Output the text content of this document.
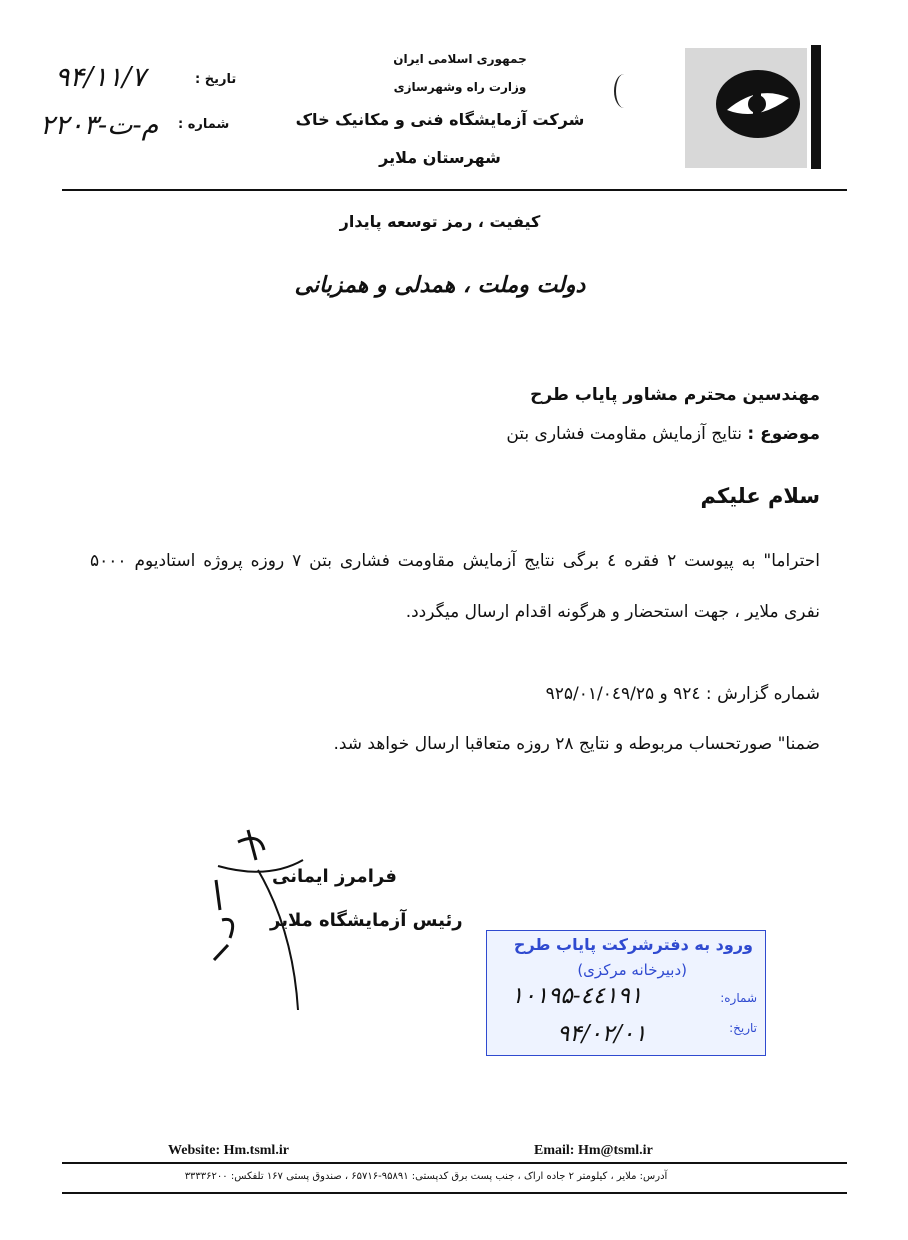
جمهوری اسلامی ایران
وزارت راه وشهرسازی
شرکت آزمایشگاه فنی و مکانیک خاک
شهرستان ملایر
تاریخ :
۹۴/۱۱/۷
شماره :
م-ت-۲۲۰۳
کیفیت ، رمز توسعه پایدار
دولت وملت ، همدلی و همزبانی
مهندسین محترم مشاور پایاب طرح
موضوع : نتایج آزمایش مقاومت فشاری بتن
سلام علیکم
احتراما" به پیوست ۲ فقره ٤ برگی نتایج آزمایش مقاومت فشاری بتن ۷ روزه پروژه استادیوم ۵۰۰۰ نفری ملایر ، جهت استحضار و هرگونه اقدام ارسال میگردد.
شماره گزارش : ۹۲٤ و ۹۲۵/۰۱/۰٤۹/۲۵
ضمنا" صورتحساب مربوطه و نتایج ۲۸ روزه متعاقبا ارسال خواهد شد.
فرامرز ایمانی
رئیس آزمایشگاه ملایر
ورود به دفترشرکت پایاب طرح
(دبیرخانه مرکزی)
شماره:
۱۰۱۹۵-٤٤۱۹۱
تاریخ:
۹۴/۰۲/۰۱
Website: Hm.tsml.ir	Email: Hm@tsml.ir
آدرس: ملایر ، کیلومتر ۲ جاده اراک ، جنب پست برق کدپستی: ۹۵۸۹۱-۶۵۷۱۶ ، صندوق پستی ۱۶۷ تلفکس: ۳۳۳۳۶۲۰۰
